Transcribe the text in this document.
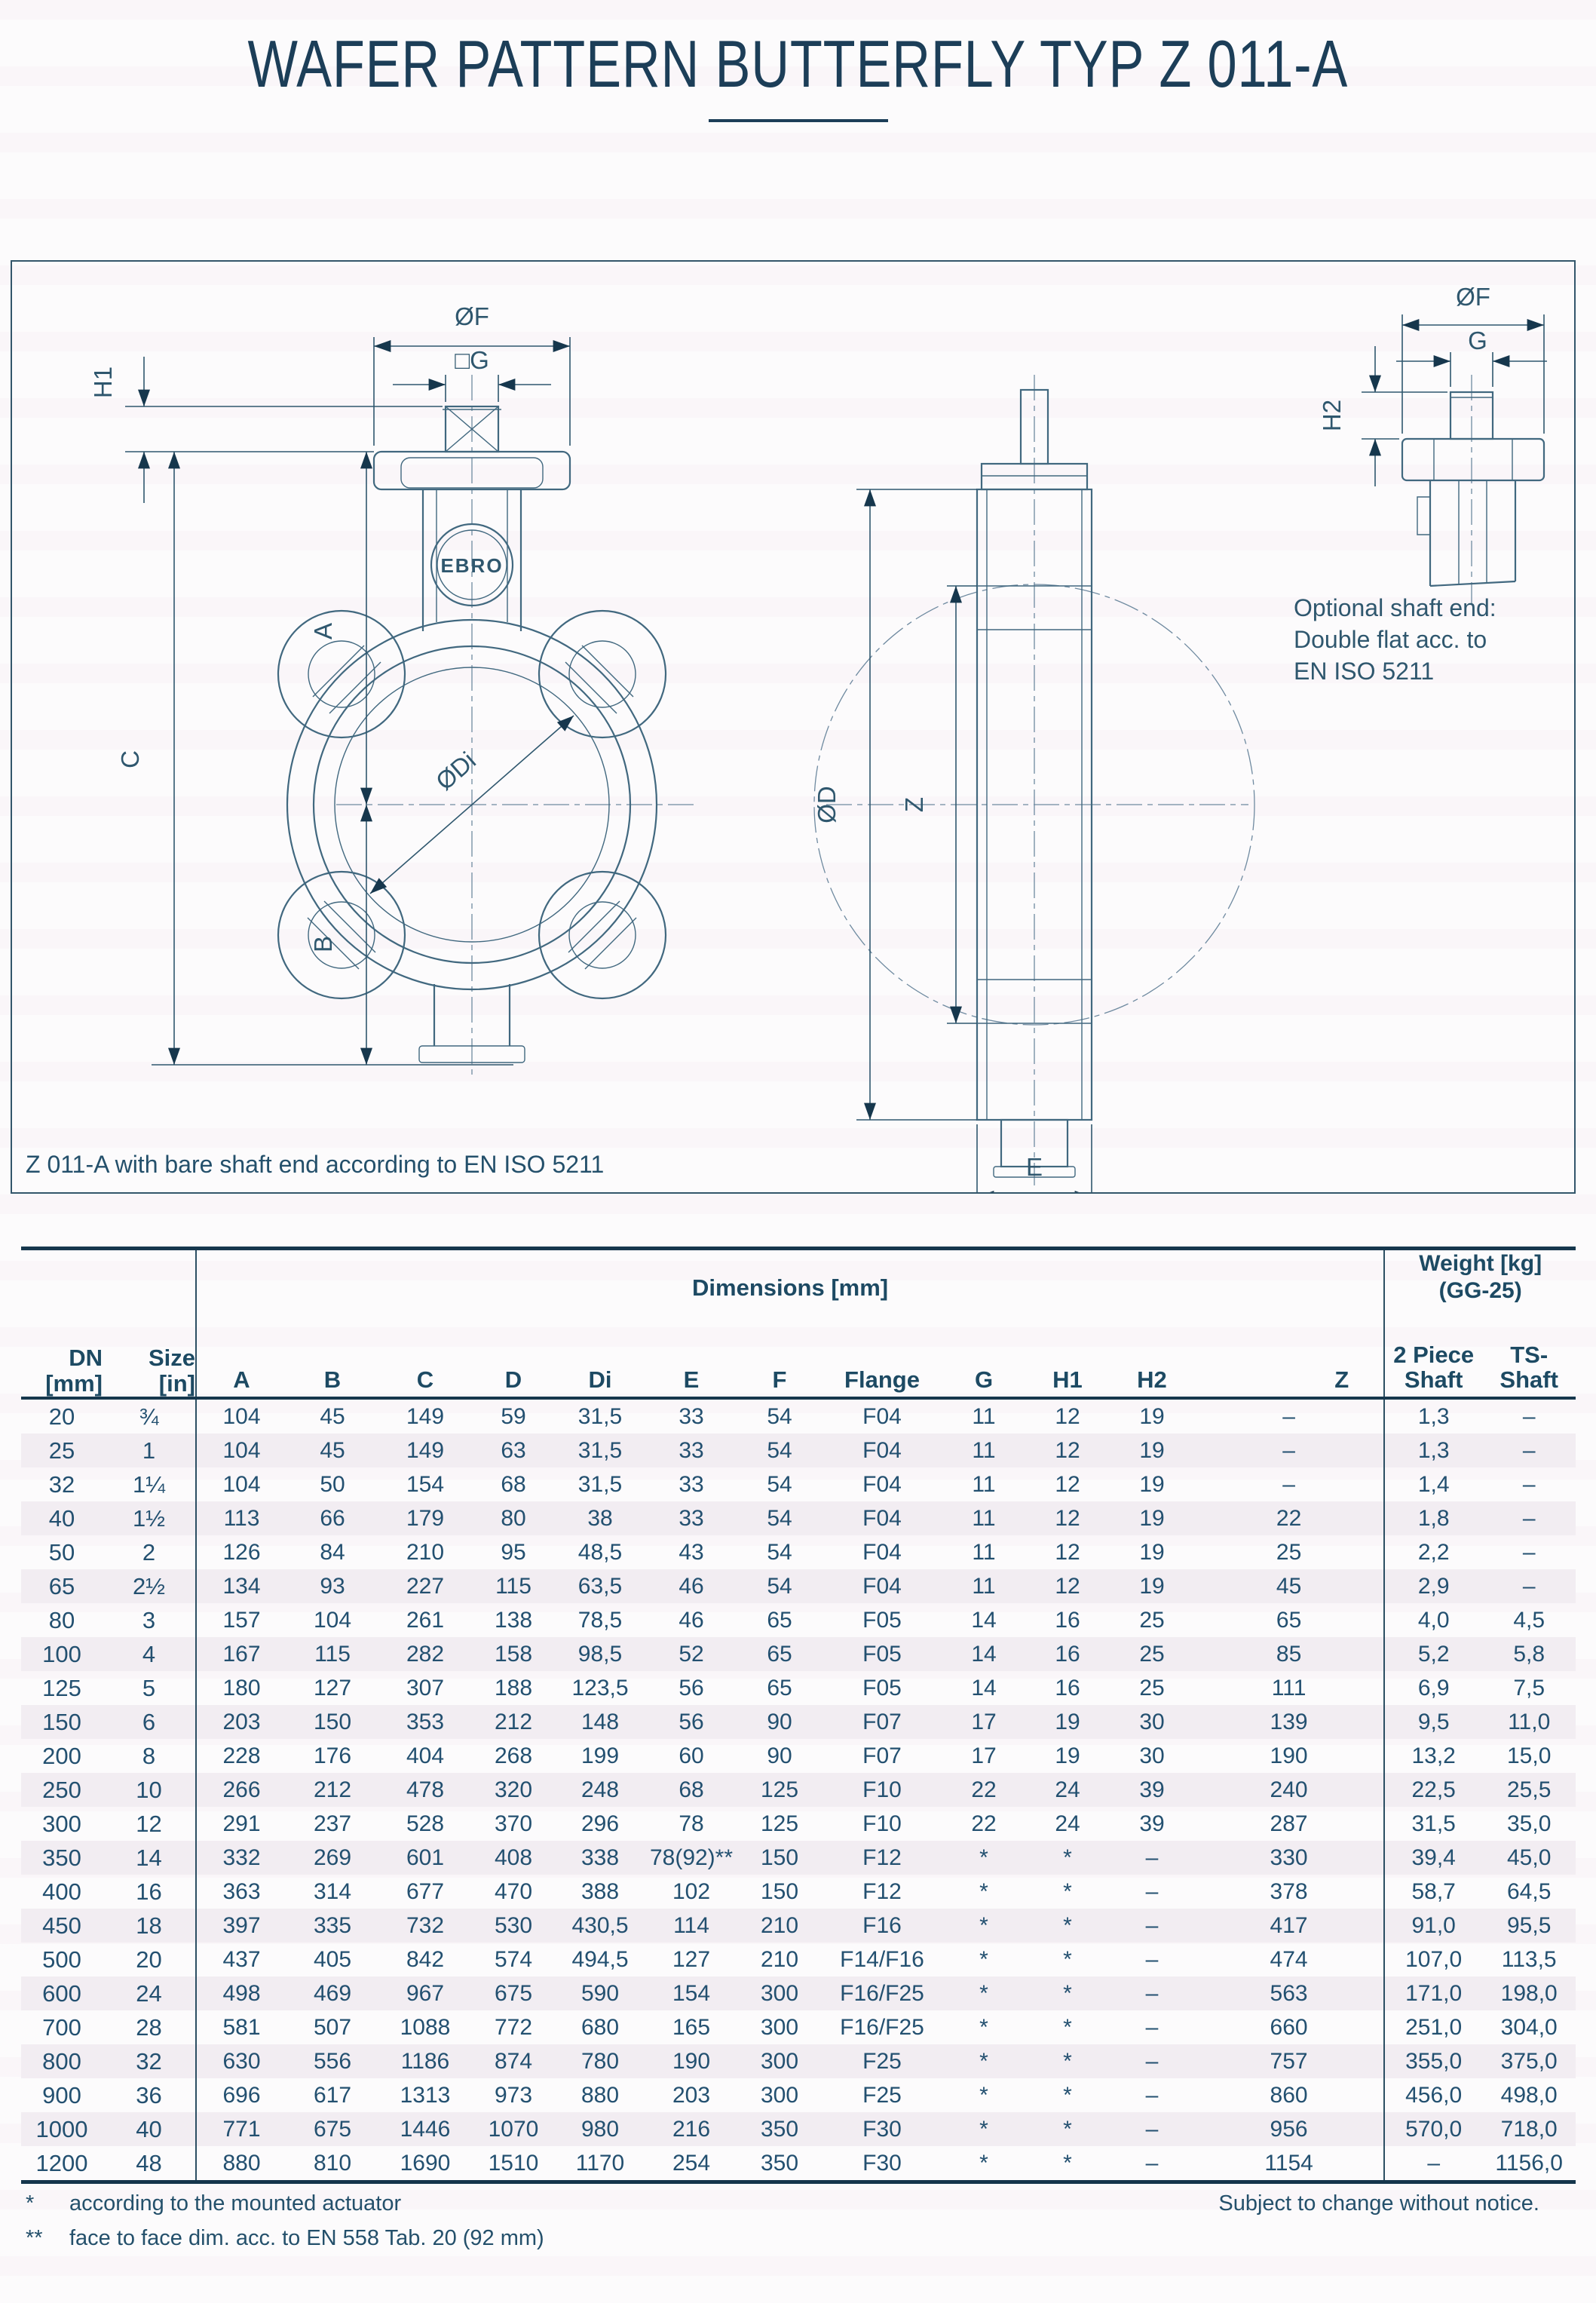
WAFER PATTERN BUTTERFLY TYP Z 011-A
EBRO
ØDi
ØF
□G
H1
C
A
B
ØD Z
E
ØF
G
H2
Optional shaft end:
Double flat acc. to
EN ISO 5211
Z 011-A with bare shaft end according to EN ISO 5211
DN
[mm]

Size
[in]
	Dimensions [mm]	
Weight [kg]
(GG-25)

A	B	C	D	Di	E	F	Flange	G	H1	H2	Z	
2 Piece
Shaft

TS-
Shaft

20	¾	104	45	149	59	31,5	33	54	F04	11	12	19	–	1,3	–
25	1	104	45	149	63	31,5	33	54	F04	11	12	19	–	1,3	–
32	1¼	104	50	154	68	31,5	33	54	F04	11	12	19	–	1,4	–
40	1½	113	66	179	80	38	33	54	F04	11	12	19	22	1,8	–
50	2	126	84	210	95	48,5	43	54	F04	11	12	19	25	2,2	–
65	2½	134	93	227	115	63,5	46	54	F04	11	12	19	45	2,9	–
80	3	157	104	261	138	78,5	46	65	F05	14	16	25	65	4,0	4,5
100	4	167	115	282	158	98,5	52	65	F05	14	16	25	85	5,2	5,8
125	5	180	127	307	188	123,5	56	65	F05	14	16	25	111	6,9	7,5
150	6	203	150	353	212	148	56	90	F07	17	19	30	139	9,5	11,0
200	8	228	176	404	268	199	60	90	F07	17	19	30	190	13,2	15,0
250	10	266	212	478	320	248	68	125	F10	22	24	39	240	22,5	25,5
300	12	291	237	528	370	296	78	125	F10	22	24	39	287	31,5	35,0
350	14	332	269	601	408	338	78(92)**	150	F12	*	*	–	330	39,4	45,0
400	16	363	314	677	470	388	102	150	F12	*	*	–	378	58,7	64,5
450	18	397	335	732	530	430,5	114	210	F16	*	*	–	417	91,0	95,5
500	20	437	405	842	574	494,5	127	210	F14/F16	*	*	–	474	107,0	113,5
600	24	498	469	967	675	590	154	300	F16/F25	*	*	–	563	171,0	198,0
700	28	581	507	1088	772	680	165	300	F16/F25	*	*	–	660	251,0	304,0
800	32	630	556	1186	874	780	190	300	F25	*	*	–	757	355,0	375,0
900	36	696	617	1313	973	880	203	300	F25	*	*	–	860	456,0	498,0
1000	40	771	675	1446	1070	980	216	350	F30	*	*	–	956	570,0	718,0
1200	48	880	810	1690	1510	1170	254	350	F30	*	*	–	1154	–	1156,0
* according to the mounted actuator
** face to face dim. acc. to EN 558 Tab. 20 (92 mm)
Subject to change without notice.
